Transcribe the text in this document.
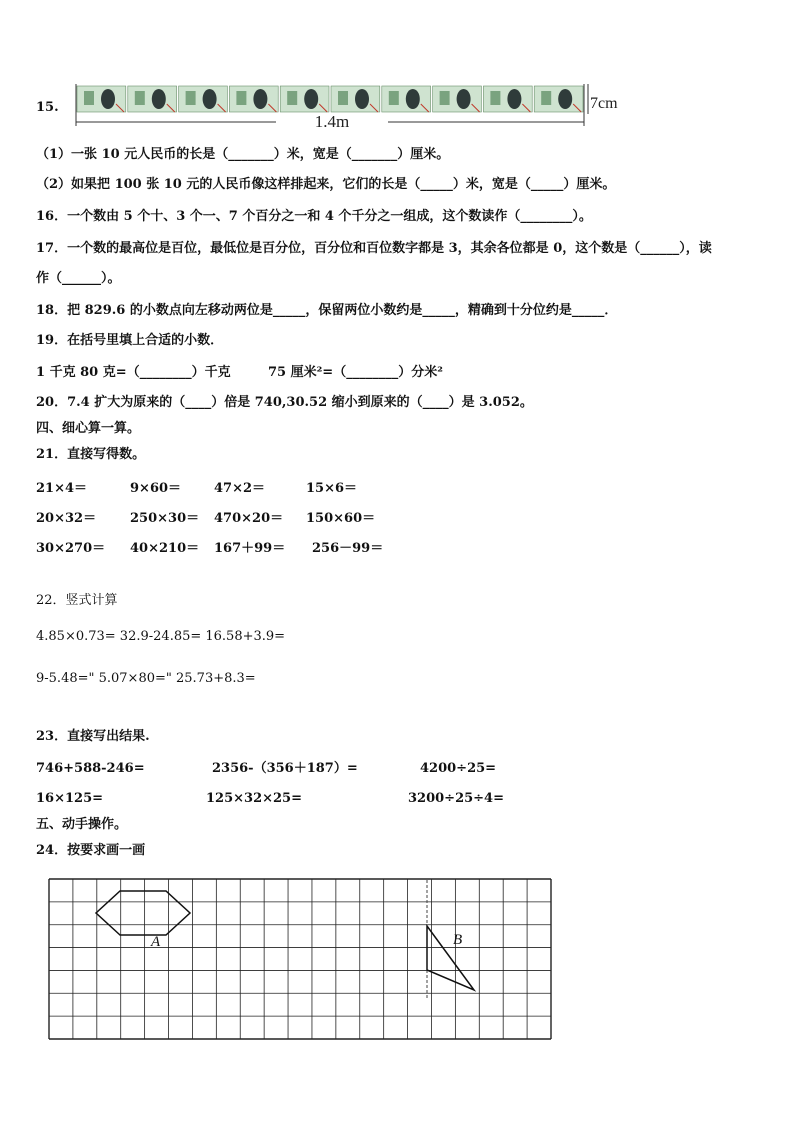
15.
1.4m
7cm
（1）一张 10 元人民币的长是（_______）米，宽是（_______）厘米。
（2）如果把 100 张 10 元的人民币像这样排起来，它们的长是（_____）米，宽是（_____）厘米。
16．一个数由 5 个十、3 个一、7 个百分之一和 4 个千分之一组成，这个数读作（________）。
17．一个数的最高位是百位，最低位是百分位，百分位和百位数字都是 3，其余各位都是 0，这个数是（______），读
作（______）。
18．把 829.6 的小数点向左移动两位是_____，保留两位小数约是_____，精确到十分位约是_____．
19．在括号里填上合适的小数．
1 千克 80 克=（________）千克	75 厘米²=（________）分米²
20．7.4 扩大为原来的（____）倍是 740,30.52 缩小到原来的（____）是 3.052。
四、细心算一算。
21．直接写得数。
21×4＝	9×60＝	47×2＝	15×6＝
20×32＝	250×30＝ 470×20＝ 150×60＝
30×270＝ 40×210＝ 167＋99＝ 256－99＝
22．竖式计算
4.85×0.73= 32.9-24.85= 16.58+3.9=
9-5.48=" 5.07×80=" 25.73+8.3=
23．直接写出结果.
746+588-246=	2356-（356＋187）=	4200÷25=
16×125=	125×32×25=	3200÷25÷4=
五、动手操作。
24．按要求画一画
A	B
